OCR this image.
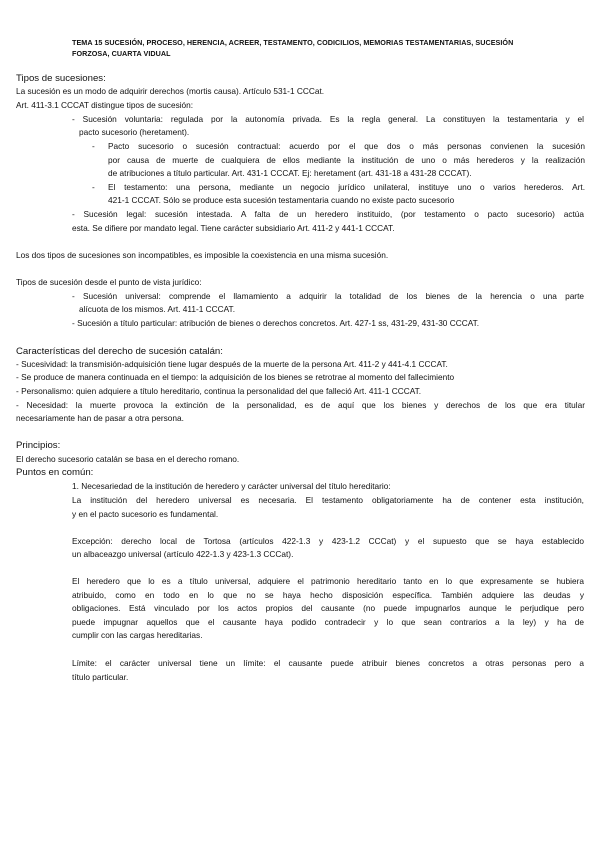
TEMA 15 SUCESIÓN, PROCESO, HERENCIA, ACREER, TESTAMENTO, CODICILIOS, MEMORIAS TESTAMENTARIAS, SUCESIÓN FORZOSA, CUARTA VIDUAL
Tipos de sucesiones:
La sucesión es un modo de adquirir derechos (mortis causa). Artículo 531-1 CCCat.
Art. 411-3.1 CCCAT distingue tipos de sucesión:
- Sucesión voluntaria: regulada por la autonomía privada. Es la regla general. La constituyen la testamentaria y el
pacto sucesorio (heretament).
- Pacto sucesorio o sucesión contractual: acuerdo por el que dos o más personas convienen la sucesión
por causa de muerte de cualquiera de ellos mediante la institución de uno o más herederos y la realización
de atribuciones a título particular. Art. 431-1 CCCAT. Ej: heretament (art. 431-18 a 431-28 CCCAT).
- El testamento: una persona, mediante un negocio jurídico unilateral, instituye uno o varios herederos. Art.
421-1 CCCAT. Sólo se produce esta sucesión testamentaria cuando no existe pacto sucesorio
- Sucesión legal: sucesión intestada. A falta de un heredero instituido, (por testamento o pacto sucesorio) actúa
esta. Se difiere por mandato legal. Tiene carácter subsidiario Art. 411-2 y 441-1 CCCAT.
Los dos tipos de sucesiones son incompatibles, es imposible la coexistencia en una misma sucesión.
Tipos de sucesión desde el punto de vista jurídico:
- Sucesión universal: comprende el llamamiento a adquirir la totalidad de los bienes de la herencia o una parte
alícuota de los mismos. Art. 411-1 CCCAT.
- Sucesión a título particular: atribución de bienes o derechos concretos. Art. 427-1 ss, 431-29, 431-30 CCCAT.
Características del derecho de sucesión catalán:
- Sucesividad: la transmisión-adquisición tiene lugar después de la muerte de la persona Art. 411-2 y 441-4.1 CCCAT.
- Se produce de manera continuada en el tiempo: la adquisición de los bienes se retrotrae al momento del fallecimiento
- Personalismo: quien adquiere a título hereditario, continua la personalidad del que falleció Art. 411-1 CCCAT.
- Necesidad: la muerte provoca la extinción de la personalidad, es de aquí que los bienes y derechos de los que era titular
necesariamente han de pasar a otra persona.
Principios:
El derecho sucesorio catalán se basa en el derecho romano.
Puntos en común:
1. Necesariedad de la institución de heredero y carácter universal del título hereditario:
La institución del heredero universal es necesaria. El testamento obligatoriamente ha de contener esta institución,
y en el pacto sucesorio es fundamental.
Excepción: derecho local de Tortosa (artículos 422-1.3 y 423-1.2 CCCat) y el supuesto que se haya establecido
un albaceazgo universal (artículo 422-1.3 y 423-1.3 CCCat).
El heredero que lo es a título universal, adquiere el patrimonio hereditario tanto en lo que expresamente se hubiera
atribuido, como en todo en lo que no se haya hecho disposición específica. También adquiere las deudas y
obligaciones. Está vinculado por los actos propios del causante (no puede impugnarlos aunque le perjudique pero
puede impugnar aquellos que el causante haya podido contradecir y lo que sean contrarios a la ley) y ha de
cumplir con las cargas hereditarias.
Límite: el carácter universal tiene un límite: el causante puede atribuir bienes concretos a otras personas pero a
título particular.
